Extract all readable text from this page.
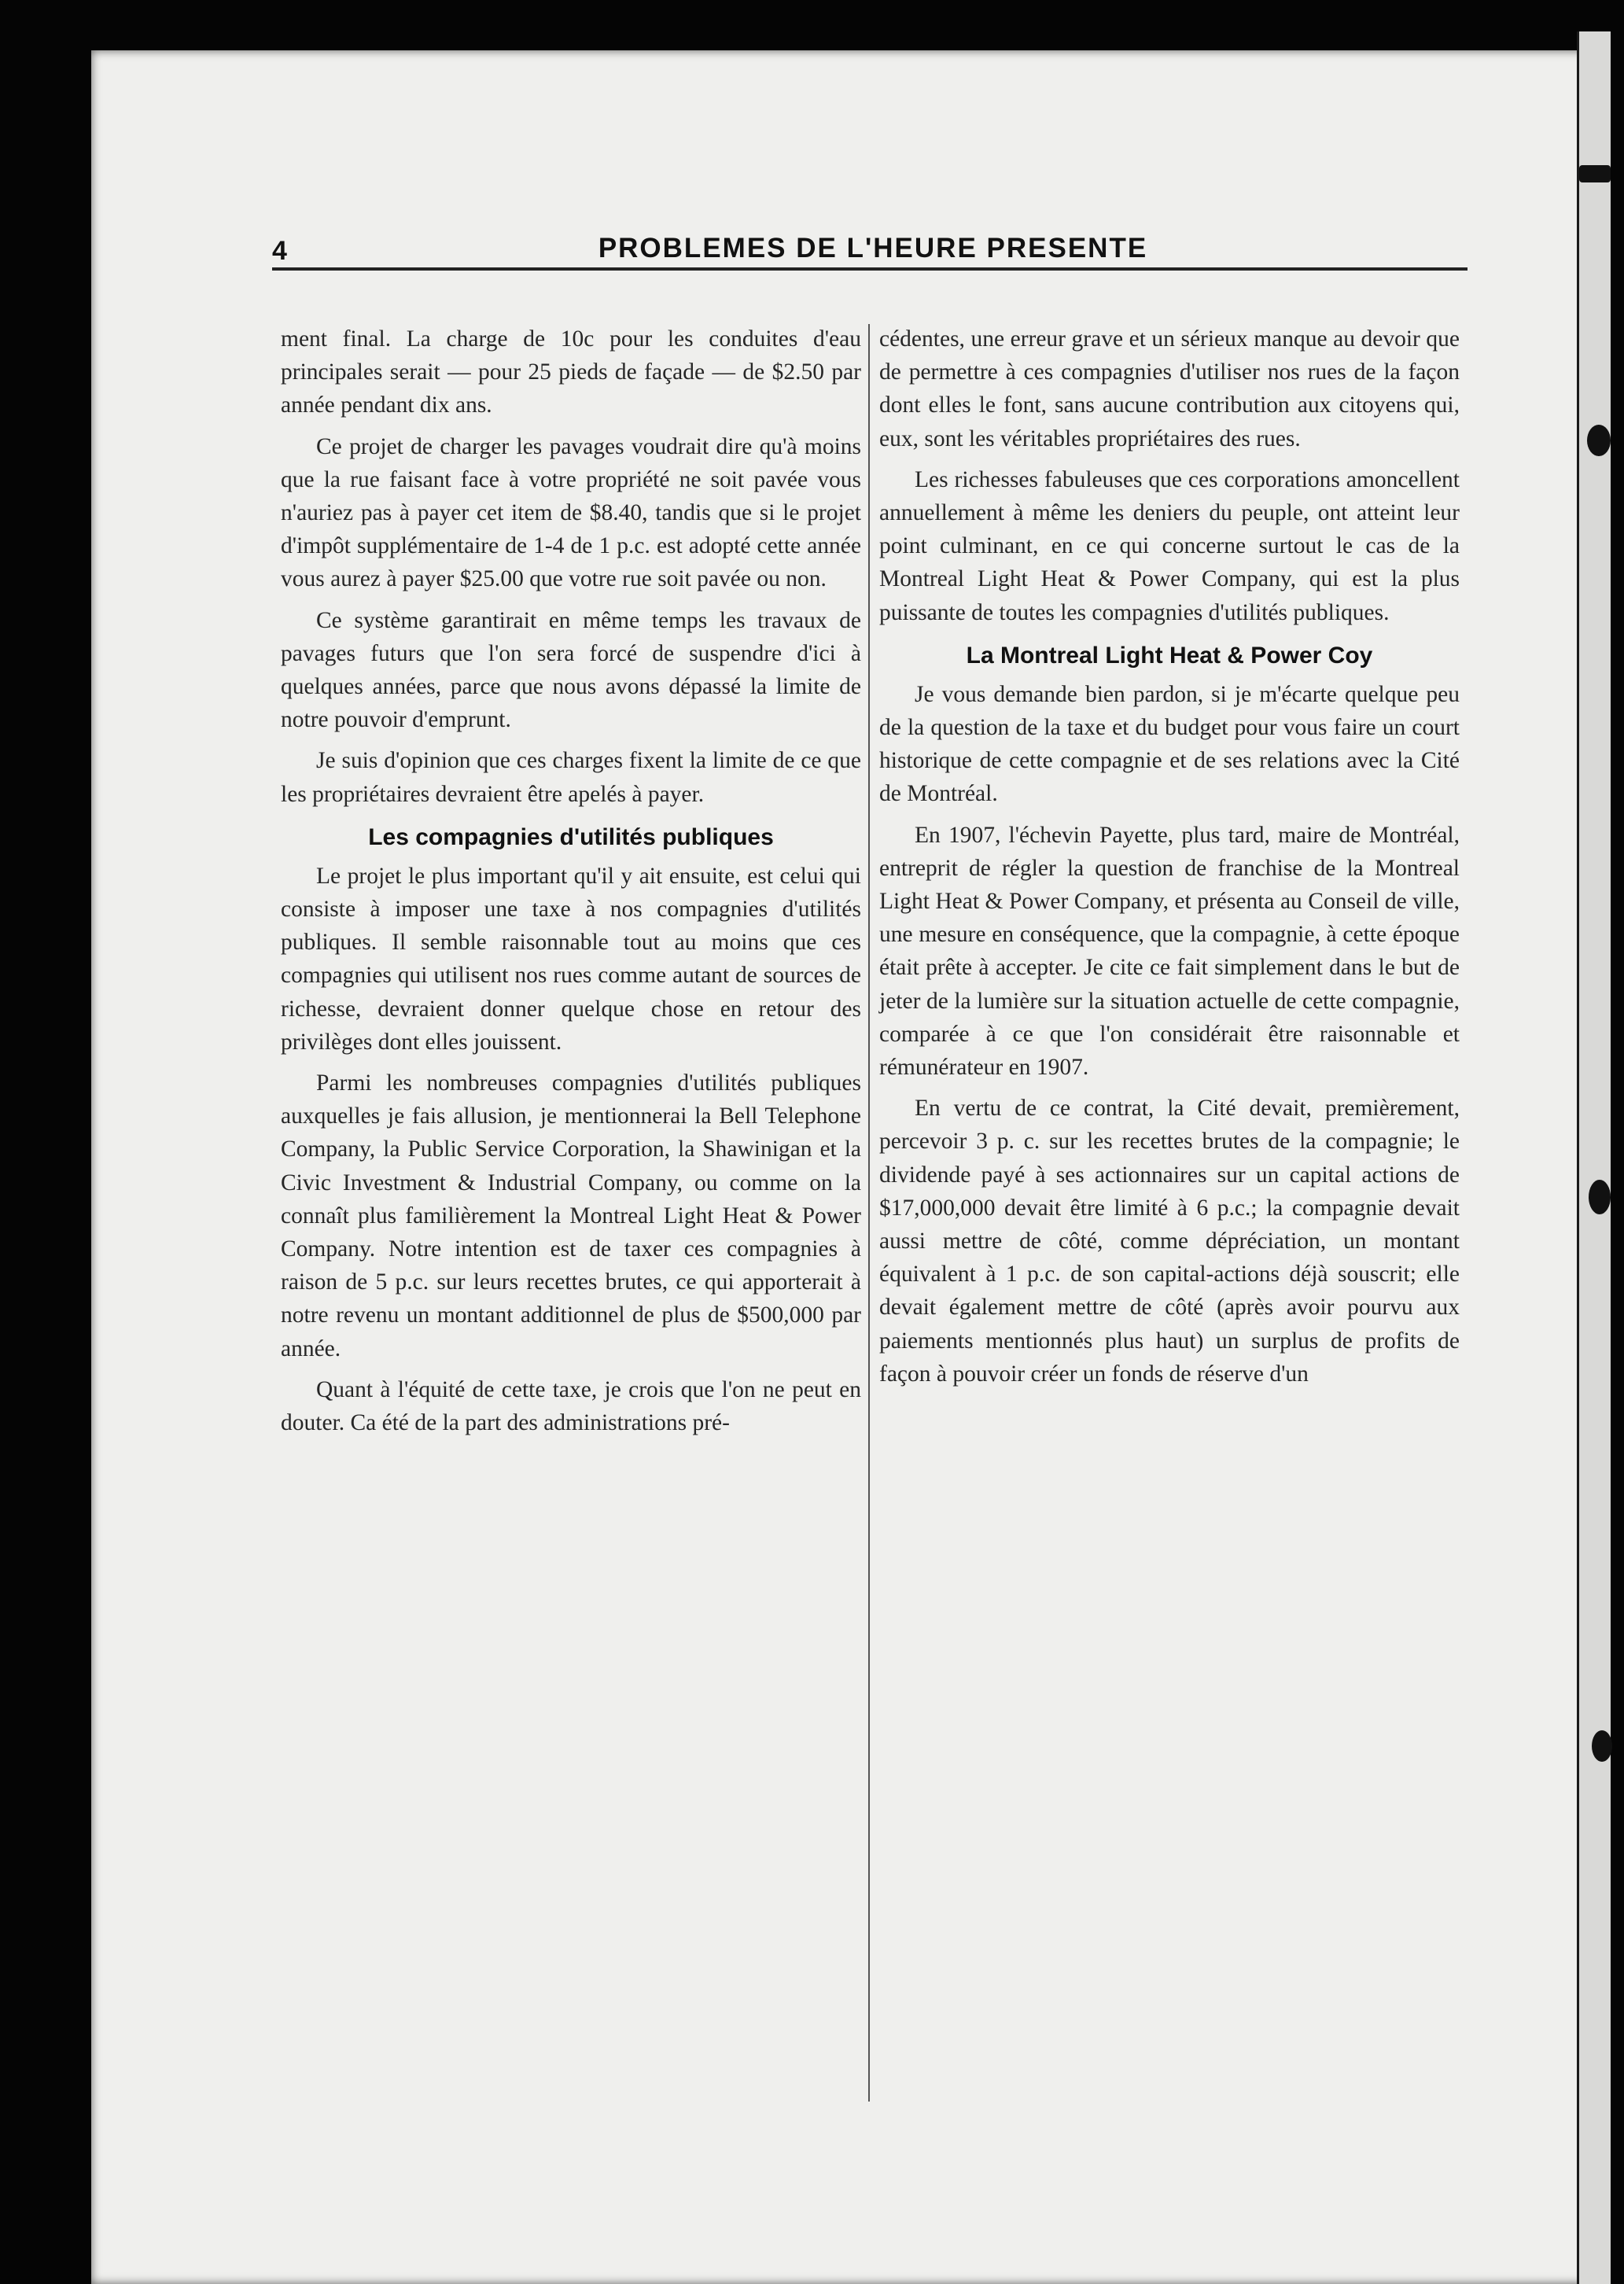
4	PROBLEMES DE L'HEURE PRESENTE

ment final. La charge de 10c pour les conduites d'eau principales serait — pour 25 pieds de façade — de $2.50 par année pendant dix ans.

Ce projet de charger les pavages voudrait dire qu'à moins que la rue faisant face à votre propriété ne soit pavée vous n'auriez pas à payer cet item de $8.40, tandis que si le projet d'impôt supplémentaire de 1-4 de 1 p.c. est adopté cette année vous aurez à payer $25.00 que votre rue soit pavée ou non.

Ce système garantirait en même temps les travaux de pavages futurs que l'on sera forcé de suspendre d'ici à quelques années, parce que nous avons dépassé la limite de notre pouvoir d'emprunt.

Je suis d'opinion que ces charges fixent la limite de ce que les propriétaires devraient être apelés à payer.

Les compagnies d'utilités publiques

Le projet le plus important qu'il y ait ensuite, est celui qui consiste à imposer une taxe à nos compagnies d'utilités publiques. Il semble raisonnable tout au moins que ces compagnies qui utilisent nos rues comme autant de sources de richesse, devraient donner quelque chose en retour des privilèges dont elles jouissent.

Parmi les nombreuses compagnies d'utilités publiques auxquelles je fais allusion, je mentionnerai la Bell Telephone Company, la Public Service Corporation, la Shawinigan et la Civic Investment & Industrial Company, ou comme on la connaît plus familièrement la Montreal Light Heat & Power Company. Notre intention est de taxer ces compagnies à raison de 5 p.c. sur leurs recettes brutes, ce qui apporterait à notre revenu un montant additionnel de plus de $500,000 par année.

Quant à l'équité de cette taxe, je crois que l'on ne peut en douter. Ca été de la part des administrations pré-

cédentes, une erreur grave et un sérieux manque au devoir que de permettre à ces compagnies d'utiliser nos rues de la façon dont elles le font, sans aucune contribution aux citoyens qui, eux, sont les véritables propriétaires des rues.

Les richesses fabuleuses que ces corporations amoncellent annuellement à même les deniers du peuple, ont atteint leur point culminant, en ce qui concerne surtout le cas de la Montreal Light Heat & Power Company, qui est la plus puissante de toutes les compagnies d'utilités publiques.

La Montreal Light Heat & Power Coy

Je vous demande bien pardon, si je m'écarte quelque peu de la question de la taxe et du budget pour vous faire un court historique de cette compagnie et de ses relations avec la Cité de Montréal.

En 1907, l'échevin Payette, plus tard, maire de Montréal, entreprit de régler la question de franchise de la Montreal Light Heat & Power Company, et présenta au Conseil de ville, une mesure en conséquence, que la compagnie, à cette époque était prête à accepter. Je cite ce fait simplement dans le but de jeter de la lumière sur la situation actuelle de cette compagnie, comparée à ce que l'on considérait être raisonnable et rémunérateur en 1907.

En vertu de ce contrat, la Cité devait, premièrement, percevoir 3 p. c. sur les recettes brutes de la compagnie; le dividende payé à ses actionnaires sur un capital actions de $17,000,000 devait être limité à 6 p.c.; la compagnie devait aussi mettre de côté, comme dépréciation, un montant équivalent à 1 p.c. de son capital-actions déjà souscrit; elle devait également mettre de côté (après avoir pourvu aux paiements mentionnés plus haut) un surplus de profits de façon à pouvoir créer un fonds de réserve d'un
